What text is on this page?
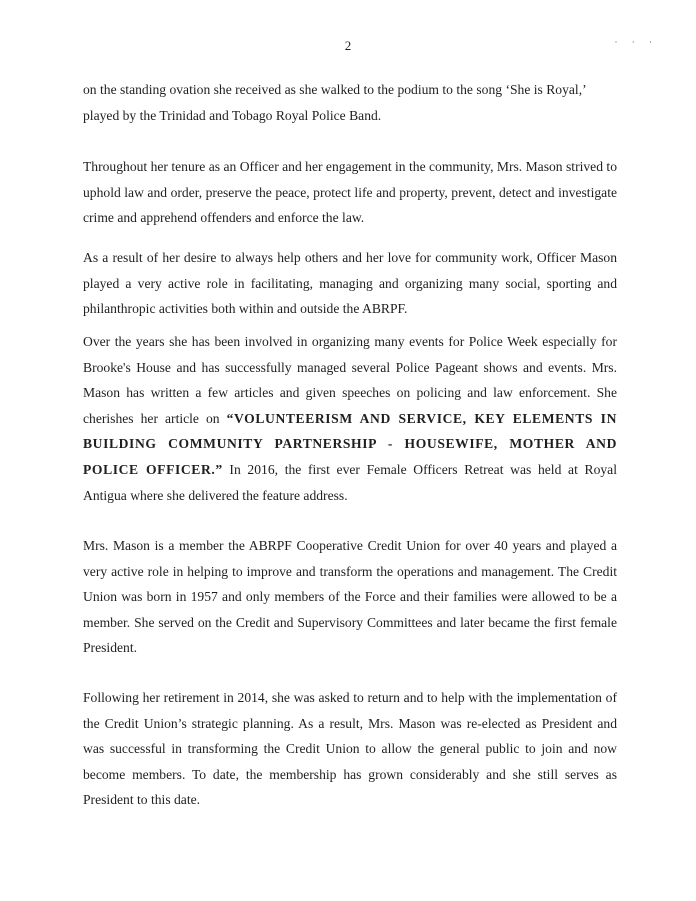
2	· · ·

on the standing ovation she received as she walked to the podium to the song ‘She is Royal,’ played by the Trinidad and Tobago Royal Police Band.

Throughout her tenure as an Officer and her engagement in the community, Mrs. Mason strived to uphold law and order, preserve the peace, protect life and property, prevent, detect and investigate crime and apprehend offenders and enforce the law.

As a result of her desire to always help others and her love for community work, Officer Mason played a very active role in facilitating, managing and organizing many social, sporting and philanthropic activities both within and outside the ABRPF.

Over the years she has been involved in organizing many events for Police Week especially for Brooke's House and has successfully managed several Police Pageant shows and events. Mrs. Mason has written a few articles and given speeches on policing and law enforcement. She cherishes her article on “VOLUNTEERISM AND SERVICE, KEY ELEMENTS IN BUILDING COMMUNITY PARTNERSHIP - HOUSEWIFE, MOTHER AND POLICE OFFICER.” In 2016, the first ever Female Officers Retreat was held at Royal Antigua where she delivered the feature address.

Mrs. Mason is a member the ABRPF Cooperative Credit Union for over 40 years and played a very active role in helping to improve and transform the operations and management. The Credit Union was born in 1957 and only members of the Force and their families were allowed to be a member. She served on the Credit and Supervisory Committees and later became the first female President.

Following her retirement in 2014, she was asked to return and to help with the implementation of the Credit Union’s strategic planning. As a result, Mrs. Mason was re-elected as President and was successful in transforming the Credit Union to allow the general public to join and now become members. To date, the membership has grown considerably and she still serves as President to this date.
